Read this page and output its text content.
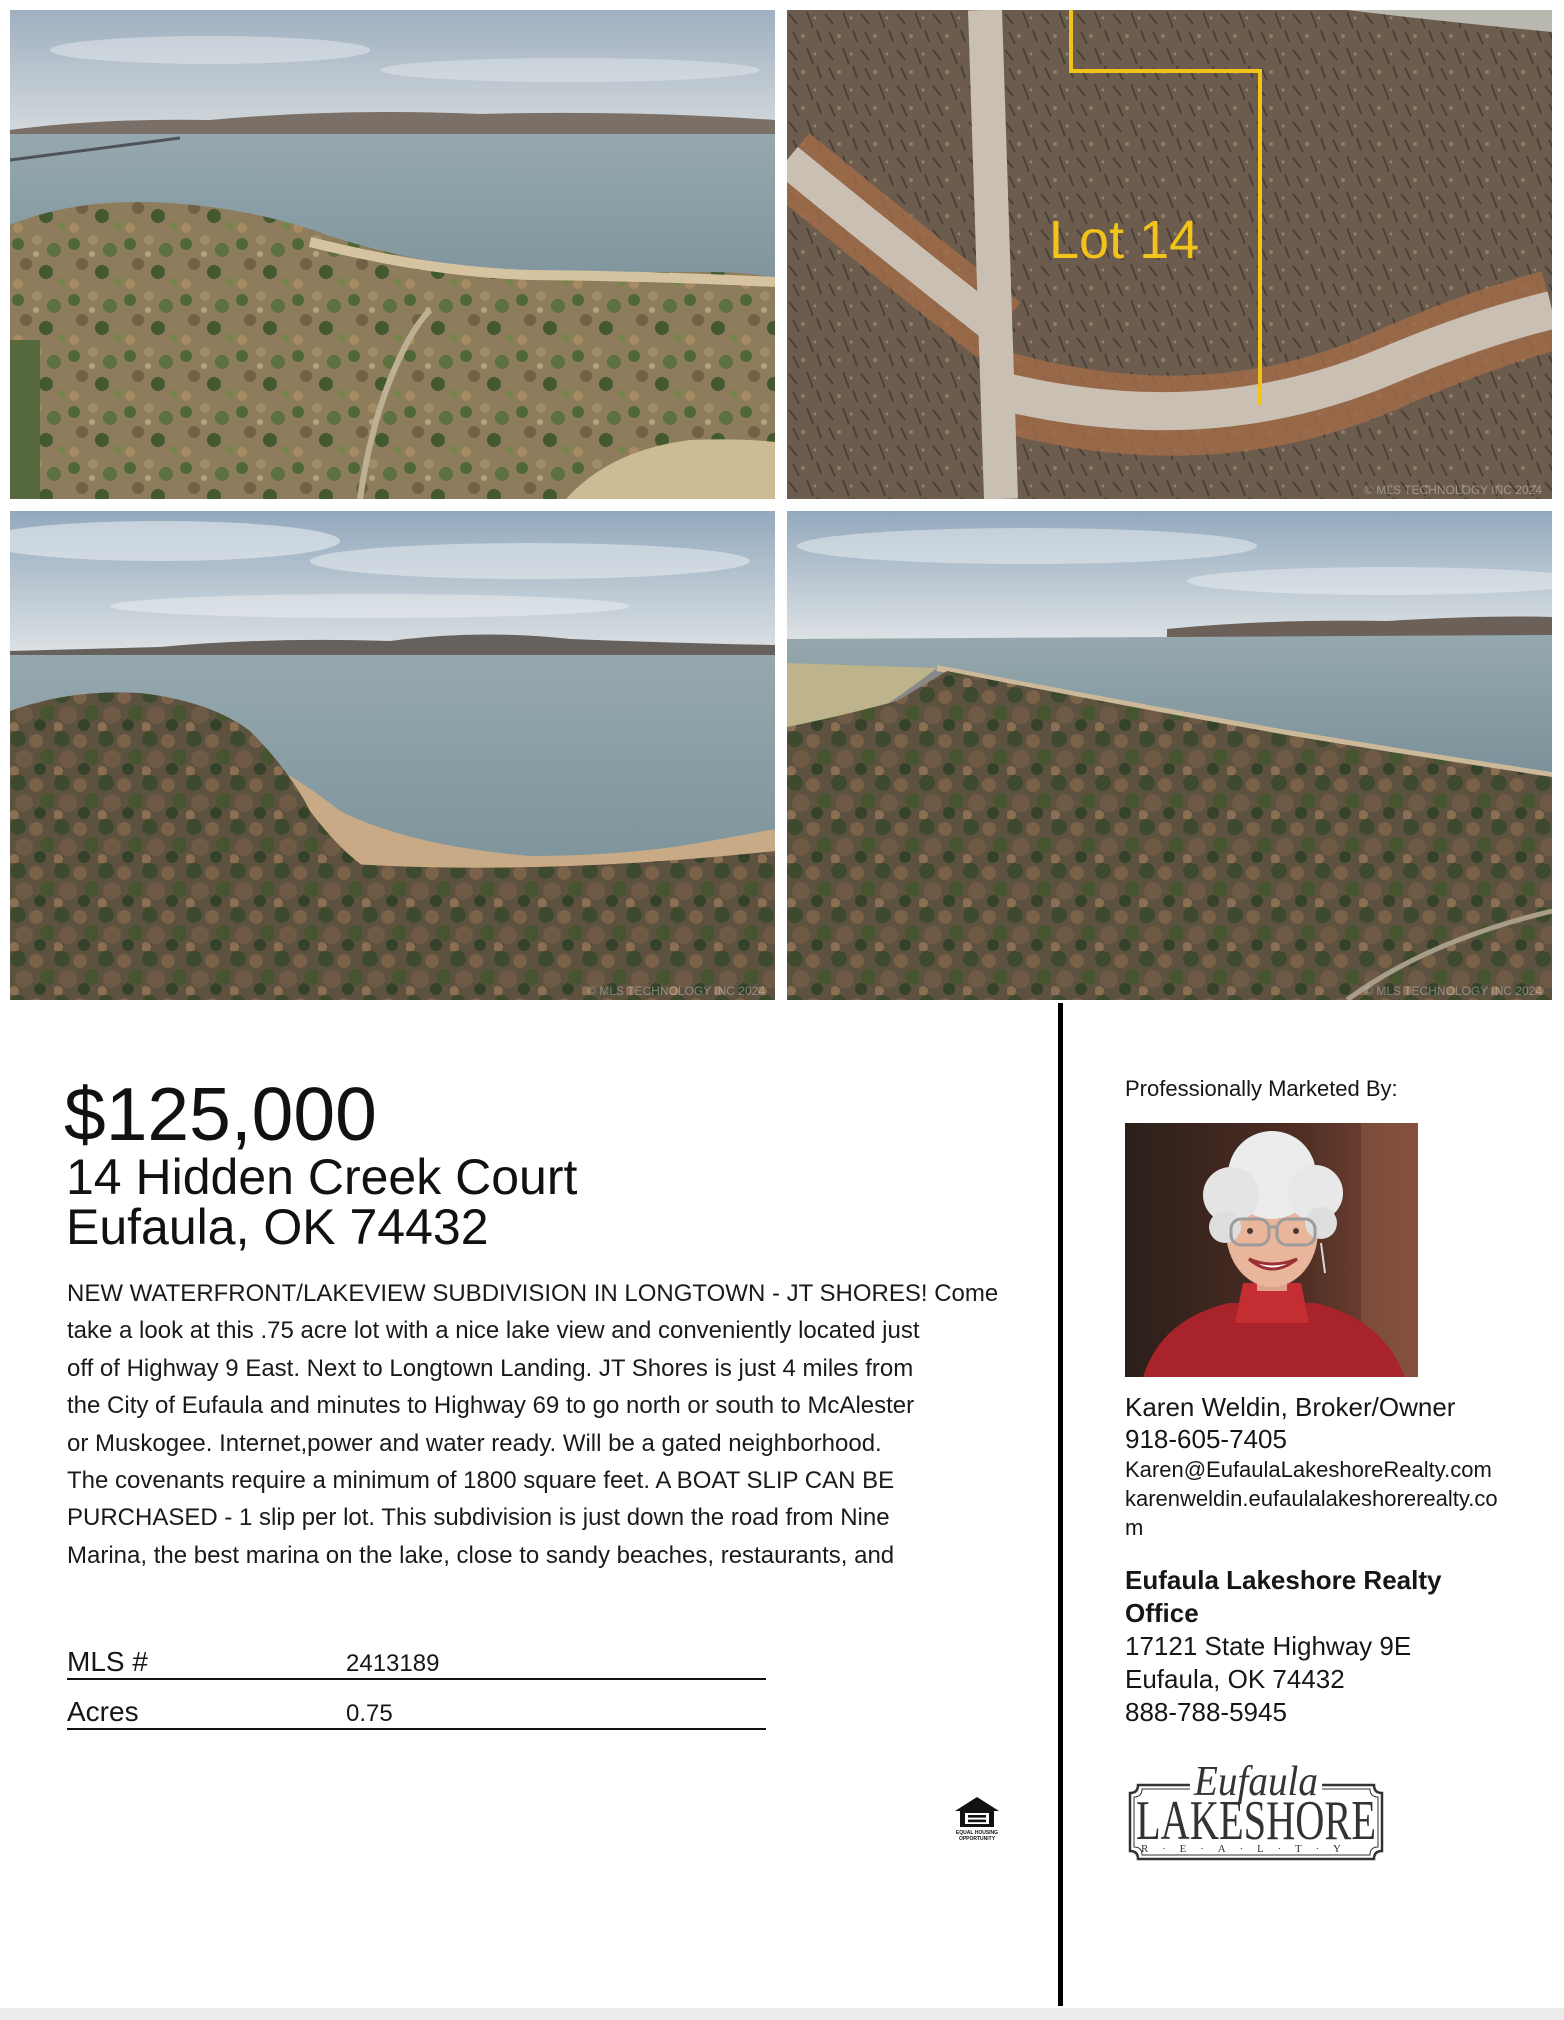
Lot 14
© MLS TECHNOLOGY INC 2024
© MLS TECHNOLOGY INC 2024	© MLS TECHNOLOGY INC 2024
$125,000
14 Hidden Creek Court
Eufaula, OK 74432
NEW WATERFRONT/LAKEVIEW SUBDIVISION IN LONGTOWN - JT SHORES! Come
take a look at this .75 acre lot with a nice lake view and conveniently located just
off of Highway 9 East. Next to Longtown Landing. JT Shores is just 4 miles from
the City of Eufaula and minutes to Highway 69 to go north or south to McAlester
or Muskogee. Internet,power and water ready. Will be a gated neighborhood.
The covenants require a minimum of 1800 square feet. A BOAT SLIP CAN BE
PURCHASED - 1 slip per lot. This subdivision is just down the road from Nine
Marina, the best marina on the lake, close to sandy beaches, restaurants, and
MLS #	2413189
Acres	0.75
EQUAL HOUSING
OPPORTUNITY
Professionally Marketed By:
Karen Weldin, Broker/Owner
918-605-7405
Karen@EufaulaLakeshoreRealty.com
karenweldin.eufaulalakeshorerealty.com
Eufaula Lakeshore Realty Office
17121 State Highway 9E
Eufaula, OK 74432
888-788-5945
Eufaula
LAKESHORE
R·E·A·L·T·Y
